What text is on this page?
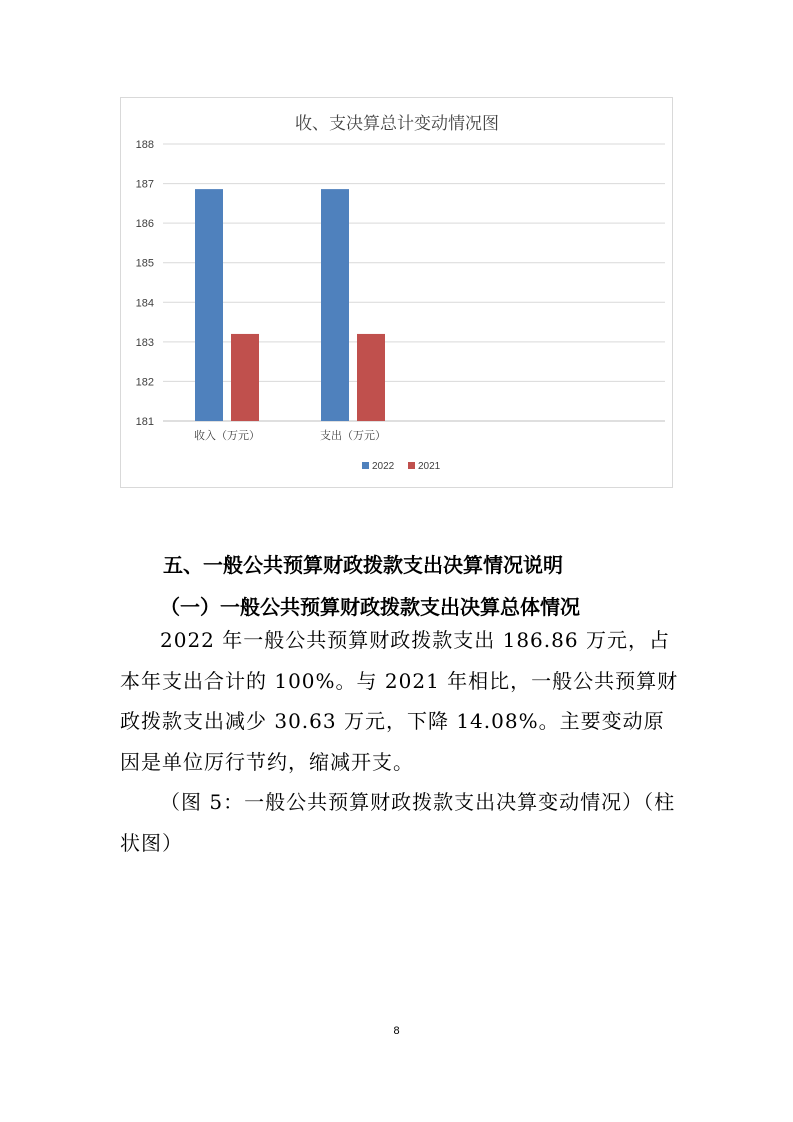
收、支决算总计变动情况图
181
182
183
184
185
186
187
188
收入（万元）	支出（万元）
2022 2021

五、一般公共预算财政拨款支出决算情况说明

（一）一般公共预算财政拨款支出决算总体情况

2022 年一般公共预算财政拨款支出 186.86 万元，占本年支出合计的 100%。与 2021 年相比，一般公共预算财政拨款支出减少 30.63 万元，下降 14.08%。主要变动原因是单位厉行节约，缩减开支。

（图 5：一般公共预算财政拨款支出决算变动情况）（柱状图）

8
